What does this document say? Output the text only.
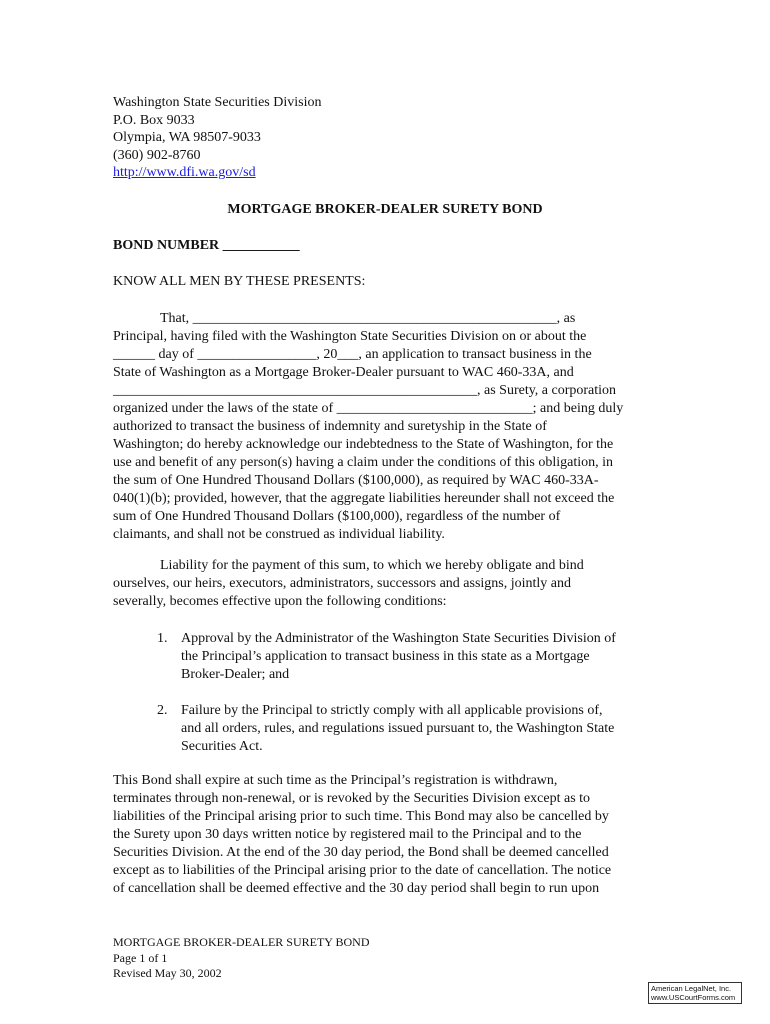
Washington State Securities Division
P.O. Box 9033
Olympia, WA 98507-9033
(360) 902-8760
http://www.dfi.wa.gov/sd
MORTGAGE BROKER-DEALER SURETY BOND
BOND NUMBER ___________
KNOW ALL MEN BY THESE PRESENTS:
That, ____________________________________________________, as
Principal, having filed with the Washington State Securities Division on or about the
______ day of _________________, 20___, an application to transact business in the
State of Washington as a Mortgage Broker-Dealer pursuant to WAC 460-33A, and
____________________________________________________, as Surety, a corporation
organized under the laws of the state of ____________________________; and being duly
authorized to transact the business of indemnity and suretyship in the State of
Washington; do hereby acknowledge our indebtedness to the State of Washington, for the
use and benefit of any person(s) having a claim under the conditions of this obligation, in
the sum of One Hundred Thousand Dollars ($100,000), as required by WAC 460-33A-
040(1)(b); provided, however, that the aggregate liabilities hereunder shall not exceed the
sum of One Hundred Thousand Dollars ($100,000), regardless of the number of
claimants, and shall not be construed as individual liability.
Liability for the payment of this sum, to which we hereby obligate and bind
ourselves, our heirs, executors, administrators, successors and assigns, jointly and
severally, becomes effective upon the following conditions:
1. Approval by the Administrator of the Washington State Securities Division of
the Principal’s application to transact business in this state as a Mortgage
Broker-Dealer; and
2. Failure by the Principal to strictly comply with all applicable provisions of,
and all orders, rules, and regulations issued pursuant to, the Washington State
Securities Act.
This Bond shall expire at such time as the Principal’s registration is withdrawn,
terminates through non-renewal, or is revoked by the Securities Division except as to
liabilities of the Principal arising prior to such time. This Bond may also be cancelled by
the Surety upon 30 days written notice by registered mail to the Principal and to the
Securities Division. At the end of the 30 day period, the Bond shall be deemed cancelled
except as to liabilities of the Principal arising prior to the date of cancellation. The notice
of cancellation shall be deemed effective and the 30 day period shall begin to run upon
MORTGAGE BROKER-DEALER SURETY BOND
Page 1 of 1
Revised May 30, 2002
American LegalNet, Inc.
www.USCourtForms.com
